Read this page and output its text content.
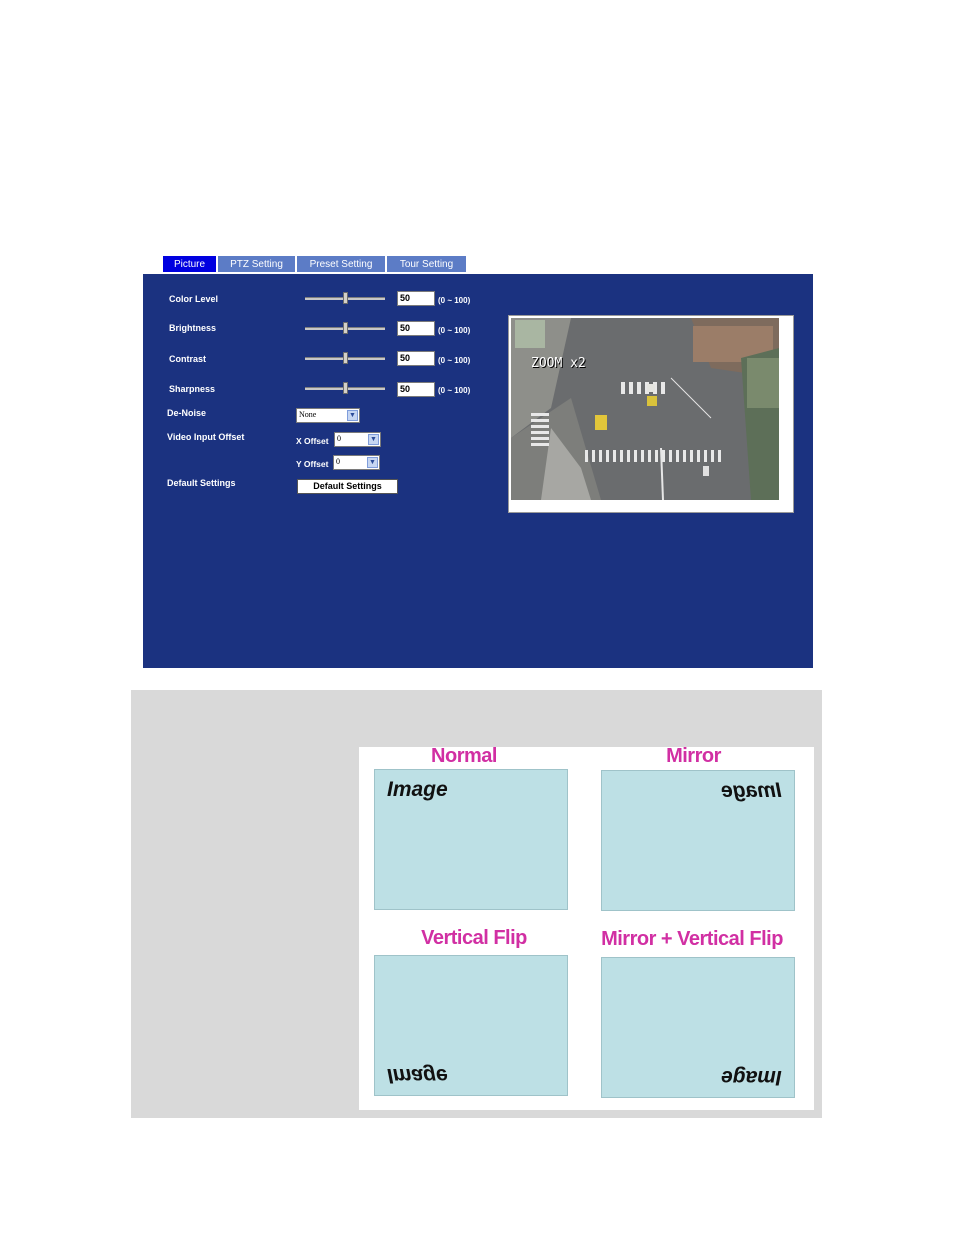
Picture	PTZ Setting	Preset Setting	Tour Setting
Color Level	50	(0 ~ 100)
Brightness	50	(0 ~ 100)
Contrast	50	(0 ~ 100)
Sharpness	50	(0 ~ 100)
De-Noise	None	▼
Video Input Offset	X Offset	0	▼
Y Offset 0	▼
Default Settings	Default Settings
ZOOM x2
Normal
Image
Mirror
Image
Vertical Flip
Image
Mirror + Vertical Flip
Image
